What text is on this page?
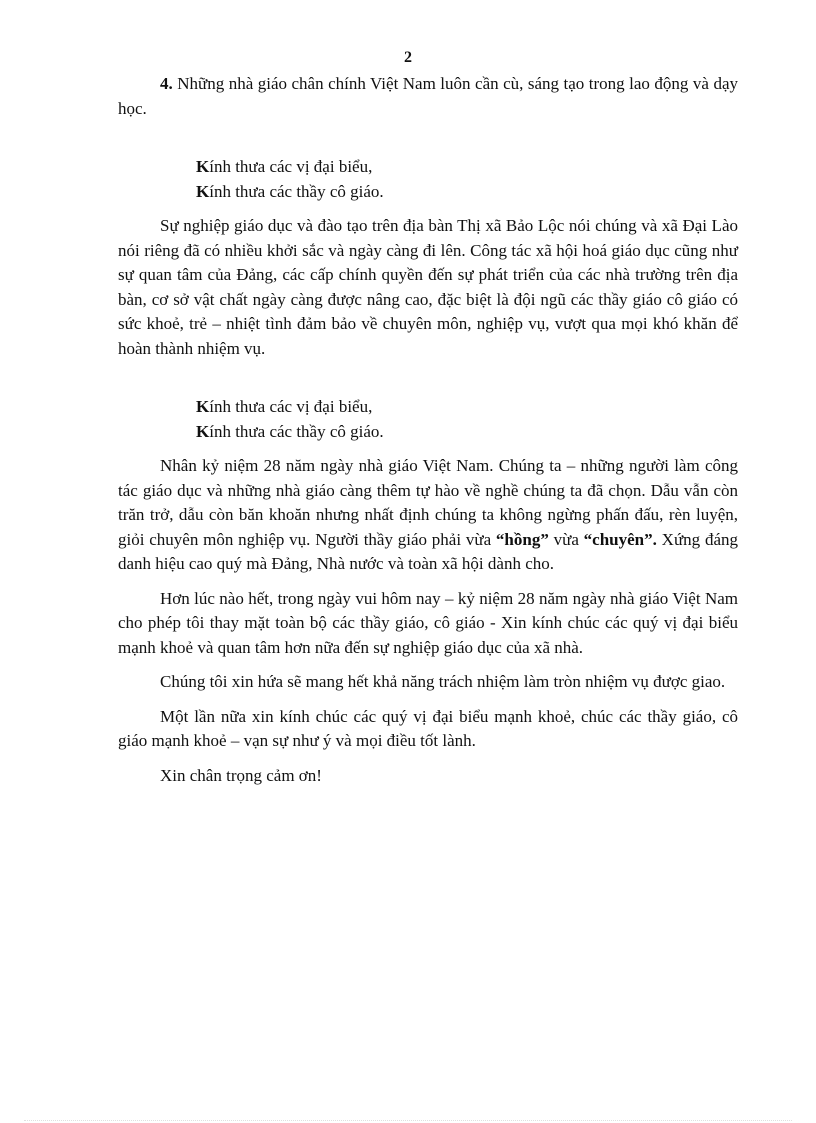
2

4. Những nhà giáo chân chính Việt Nam luôn cần cù, sáng tạo trong lao động và dạy học.

Kính thưa các vị đại biểu,
Kính thưa các thầy cô giáo.

Sự nghiệp giáo dục và đào tạo trên địa bàn Thị xã Bảo Lộc nói chúng và xã Đại Lào nói riêng đã có nhiều khởi sắc và ngày càng đi lên. Công tác xã hội hoá giáo dục cũng như sự quan tâm của Đảng, các cấp chính quyền đến sự phát triển của các nhà trường trên địa bàn, cơ sở vật chất ngày càng được nâng cao, đặc biệt là đội ngũ các thầy giáo cô giáo có sức khoẻ, trẻ – nhiệt tình đảm bảo về chuyên môn, nghiệp vụ, vượt qua mọi khó khăn để hoàn thành nhiệm vụ.

Kính thưa các vị đại biểu,
Kính thưa các thầy cô giáo.

Nhân kỷ niệm 28 năm ngày nhà giáo Việt Nam. Chúng ta – những người làm công tác giáo dục và những nhà giáo càng thêm tự hào về nghề chúng ta đã chọn. Dẫu vẫn còn trăn trở, dẫu còn băn khoăn nhưng nhất định chúng ta không ngừng phấn đấu, rèn luyện, giỏi chuyên môn nghiệp vụ. Người thầy giáo phải vừa “hồng” vừa “chuyên”. Xứng đáng danh hiệu cao quý mà Đảng, Nhà nước và toàn xã hội dành cho.

Hơn lúc nào hết, trong ngày vui hôm nay – kỷ niệm 28 năm ngày nhà giáo Việt Nam cho phép tôi thay mặt toàn bộ các thầy giáo, cô giáo - Xin kính chúc các quý vị đại biểu mạnh khoẻ và quan tâm hơn nữa đến sự nghiệp giáo dục của xã nhà.

Chúng tôi xin hứa sẽ mang hết khả năng trách nhiệm làm tròn nhiệm vụ được giao.

Một lần nữa xin kính chúc các quý vị đại biểu mạnh khoẻ, chúc các thầy giáo, cô giáo mạnh khoẻ – vạn sự như ý và mọi điều tốt lành.

Xin chân trọng cảm ơn!
